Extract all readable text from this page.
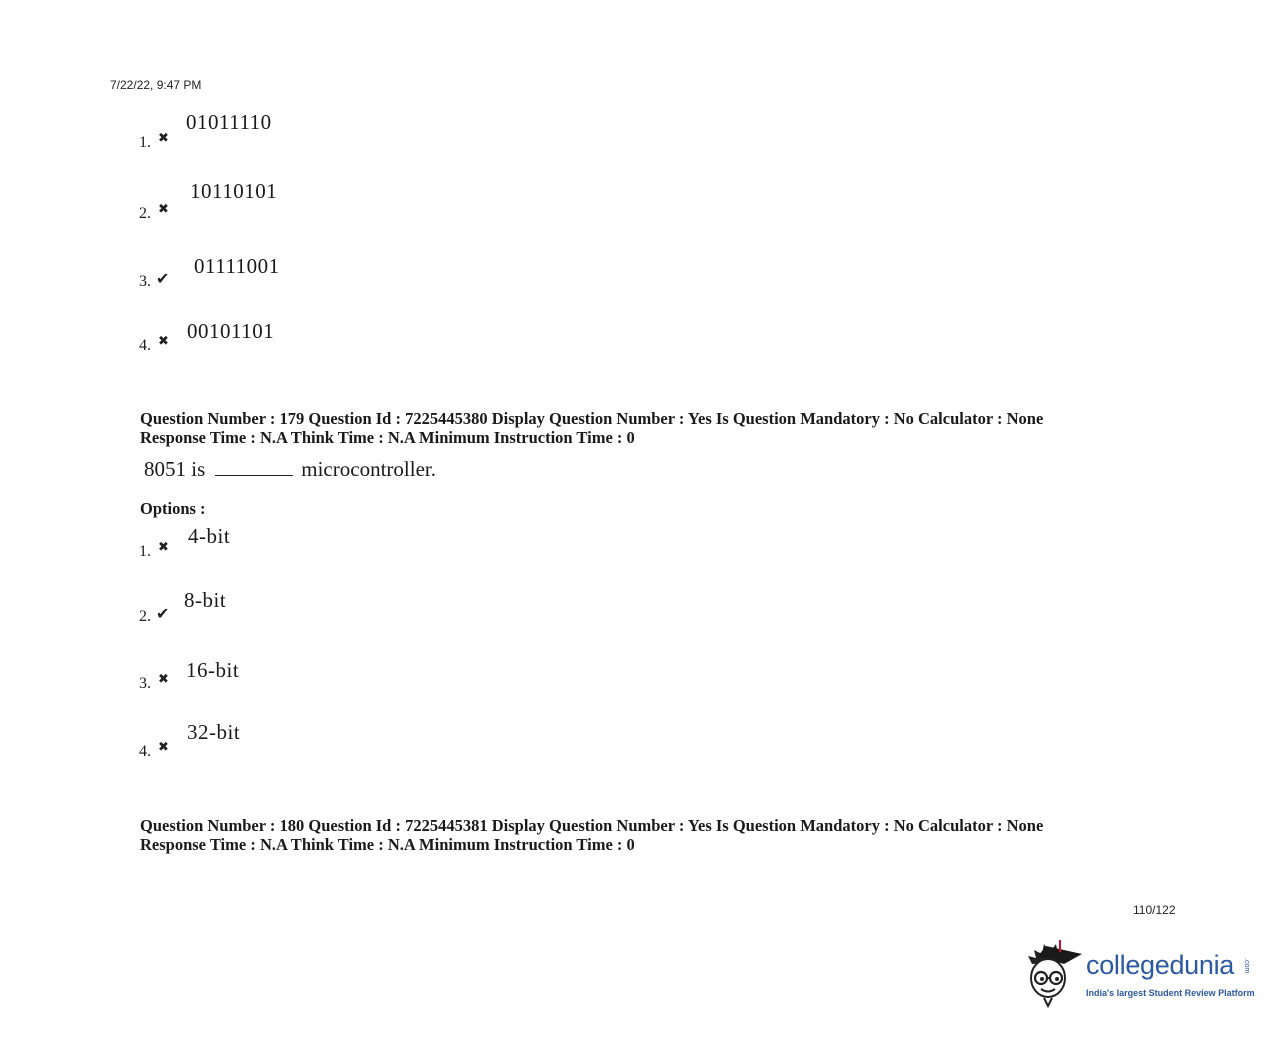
7/22/22, 9:47 PM
1. ✖
01011110
2. ✖
10110101
3. ✔
01111001
4. ✖ 00101101
Question Number : 179 Question Id : 7225445380 Display Question Number : Yes Is Question Mandatory : No Calculator : None
Response Time : N.A Think Time : N.A Minimum Instruction Time : 0
8051 is	microcontroller.
Options :
1. ✖ 4-bit
2. ✔
8-bit
3. ✖ 16-bit
4. ✖
32-bit
Question Number : 180 Question Id : 7225445381 Display Question Number : Yes Is Question Mandatory : No Calculator : None
Response Time : N.A Think Time : N.A Minimum Instruction Time : 0
110/122
collegedunia .com
India's largest Student Review Platform
